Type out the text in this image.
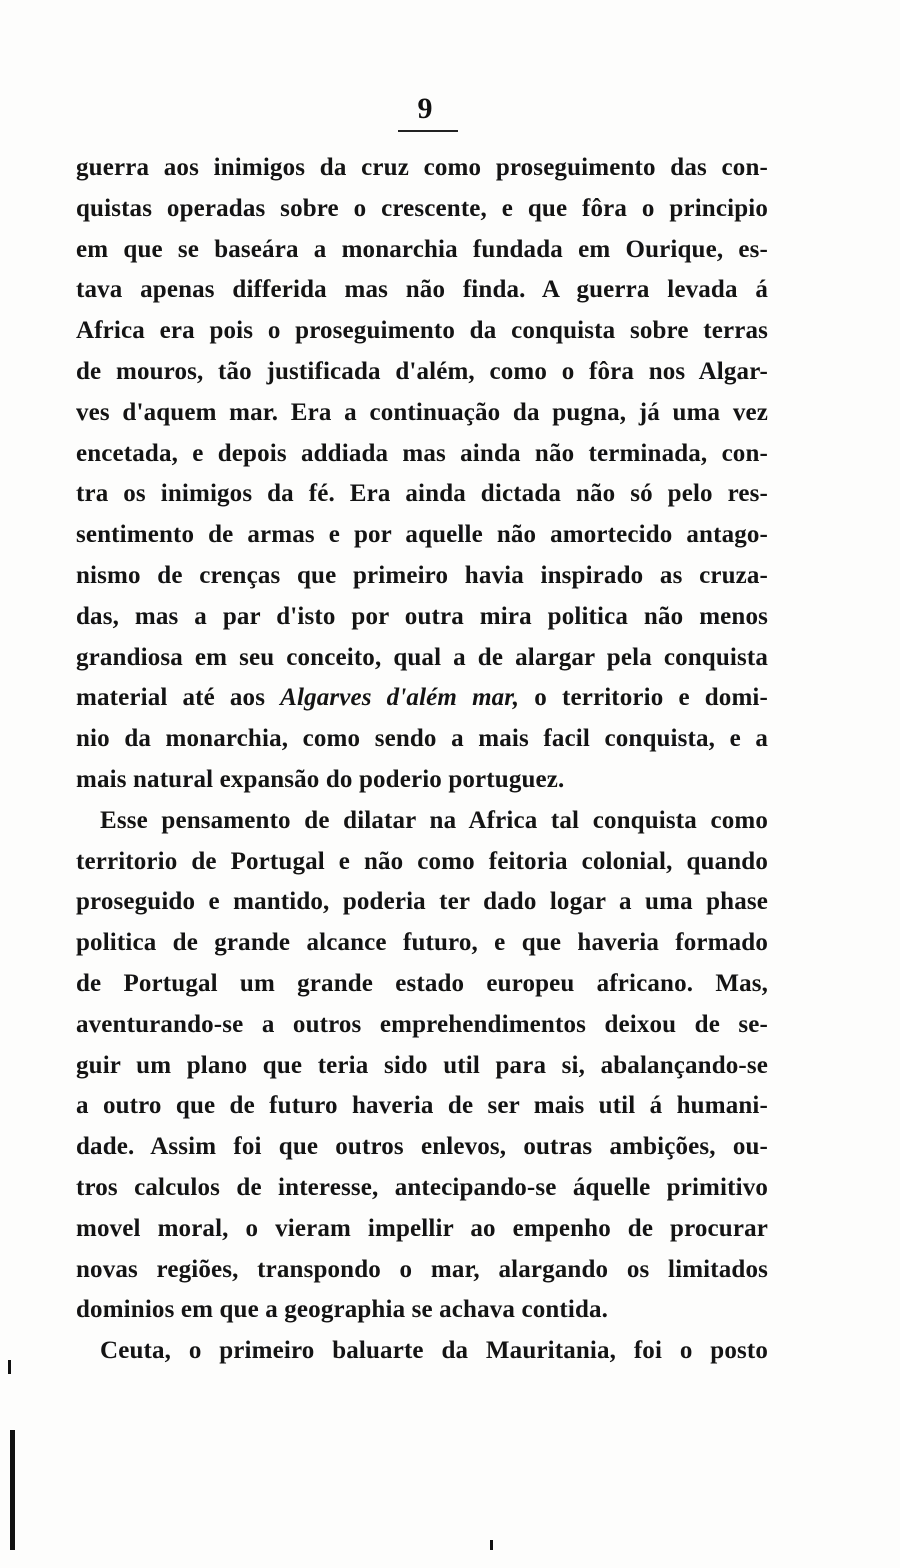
9
guerra aos inimigos da cruz como proseguimento das con-
quistas operadas sobre o crescente, e que fôra o principio
em que se baseára a monarchia fundada em Ourique, es-
tava apenas differida mas não finda. A guerra levada á
Africa era pois o proseguimento da conquista sobre terras
de mouros, tão justificada d'além, como o fôra nos Algar-
ves d'aquem mar. Era a continuação da pugna, já uma vez
encetada, e depois addiada mas ainda não terminada, con-
tra os inimigos da fé. Era ainda dictada não só pelo res-
sentimento de armas e por aquelle não amortecido antago-
nismo de crenças que primeiro havia inspirado as cruza-
das, mas a par d'isto por outra mira politica não menos
grandiosa em seu conceito, qual a de alargar pela conquista
material até aos Algarves d'além mar, o territorio e domi-
nio da monarchia, como sendo a mais facil conquista, e a
mais natural expansão do poderio portuguez.
Esse pensamento de dilatar na Africa tal conquista como
territorio de Portugal e não como feitoria colonial, quando
proseguido e mantido, poderia ter dado logar a uma phase
politica de grande alcance futuro, e que haveria formado
de Portugal um grande estado europeu africano. Mas,
aventurando-se a outros emprehendimentos deixou de se-
guir um plano que teria sido util para si, abalançando-se
a outro que de futuro haveria de ser mais util á humani-
dade. Assim foi que outros enlevos, outras ambições, ou-
tros calculos de interesse, antecipando-se áquelle primitivo
movel moral, o vieram impellir ao empenho de procurar
novas regiões, transpondo o mar, alargando os limitados
dominios em que a geographia se achava contida.
Ceuta, o primeiro baluarte da Mauritania, foi o posto
